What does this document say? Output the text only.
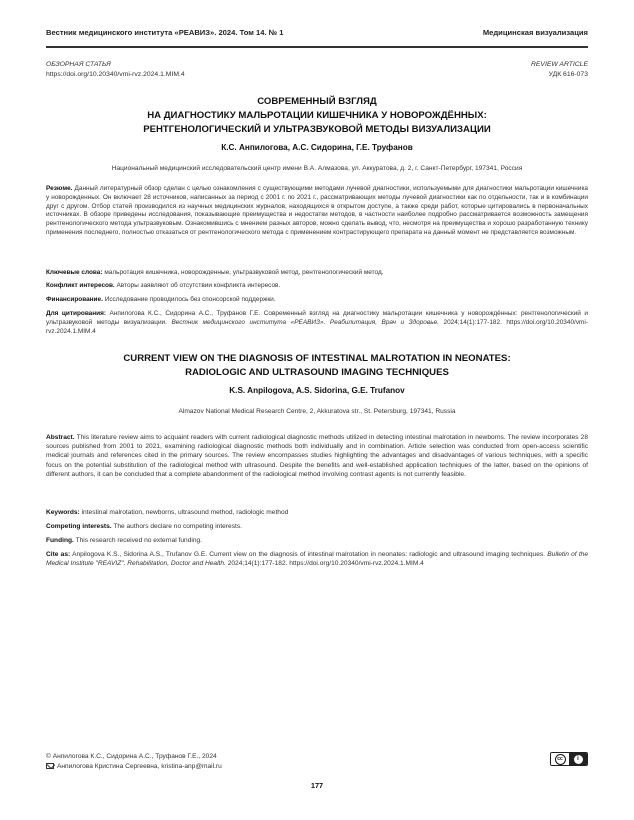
Вестник медицинского института «РЕАВИЗ». 2024. Том 14. № 1	Медицинская визуализация
ОБЗОРНАЯ СТАТЬЯ
https://doi.org/10.20340/vmi-rvz.2024.1.MIM.4
REVIEW ARTICLE
УДК 616-073
СОВРЕМЕННЫЙ ВЗГЛЯД
НА ДИАГНОСТИКУ МАЛЬРОТАЦИИ КИШЕЧНИКА У НОВОРОЖДЁННЫХ:
РЕНТГЕНОЛОГИЧЕСКИЙ И УЛЬТРАЗВУКОВОЙ МЕТОДЫ ВИЗУАЛИЗАЦИИ
К.С. Анпилогова, А.С. Сидорина, Г.Е. Труфанов
Национальный медицинский исследовательский центр имени В.А. Алмазова, ул. Аккуратова, д. 2, г. Санкт-Петербург, 197341, Россия
Резюме. Данный литературный обзор сделан с целью ознакомления с существующими методами лучевой диагностики, используемыми для диагностики мальротации кишечника у новорожденных. Он включает 28 источников, написанных за период с 2001 г. по 2021 г., рассматривающих методы лучевой диагностики как по отдельности, так и в комбинации друг с другом. Отбор статей производился из научных медицинских журналов, находящихся в открытом доступе, а также среди работ, которые цитировались в первоначальных источниках. В обзоре приведены исследования, показывающие преимущества и недостатки методов, в частности наиболее подробно рассматривается возможность замещения рентгенологического метода ультразвуковым. Ознакомившись с мнением разных авторов, можно сделать вывод, что, несмотря на преимущества и хорошо разработанную технику применения последнего, полностью отказаться от рентгенологического метода с применением контрастирующего препарата на данный момент не представляется возможным.
Ключевые слова: мальротация кишечника, новорожденные, ультразвуковой метод, рентгенологический метод.
Конфликт интересов. Авторы заявляют об отсутствии конфликта интересов.
Финансирование. Исследование проводилось без спонсорской поддержки.
Для цитирования: Анпилогова К.С., Сидорина А.С., Труфанов Г.Е. Современный взгляд на диагностику мальротации кишечника у новорождённых: рентгенологический и ультразвуковой методы визуализации. Вестник медицинского института «РЕАВИЗ». Реабилитация, Врач и Здоровье. 2024;14(1):177-182. https://doi.org/10.20340/vmi-rvz.2024.1.MIM.4
CURRENT VIEW ON THE DIAGNOSIS OF INTESTINAL MALROTATION IN NEONATES:
RADIOLOGIC AND ULTRASOUND IMAGING TECHNIQUES
K.S. Anpilogova, A.S. Sidorina, G.E. Trufanov
Almazov National Medical Research Centre, 2, Akkuratova str., St. Petersburg, 197341, Russia
Abstract. This literature review aims to acquaint readers with current radiological diagnostic methods utilized in detecting intestinal malrotation in newborns. The review incorporates 28 sources published from 2001 to 2021, examining radiological diagnostic methods both individually and in combination. Article selection was conducted from open-access scientific medical journals and references cited in the primary sources. The review encompasses studies highlighting the advantages and disadvantages of various techniques, with a specific focus on the potential substitution of the radiological method with ultrasound. Despite the benefits and well-established application techniques of the latter, based on the opinions of different authors, it can be concluded that a complete abandonment of the radiological method involving contrast agents is not currently feasible.
Keywords: intestinal malrotation, newborns, ultrasound method, radiologic method
Competing interests. The authors declare no competing interests.
Funding. This research received no external funding.
Cite as: Anpilogova K.S., Sidorina A.S., Trufanov G.E. Current view on the diagnosis of intestinal malrotation in neonates: radiologic and ultrasound imaging techniques. Bulletin of the Medical Institute "REAVIZ". Rehabilitation, Doctor and Health. 2024;14(1):177-182. https://doi.org/10.20340/vmi-rvz.2024.1.MIM.4
© Анпилогова К.С., Сидорина А.С., Труфанов Г.Е., 2024
Анпилогова Кристина Сергеевна, kristina-anp@mail.ru
cc	i
177
